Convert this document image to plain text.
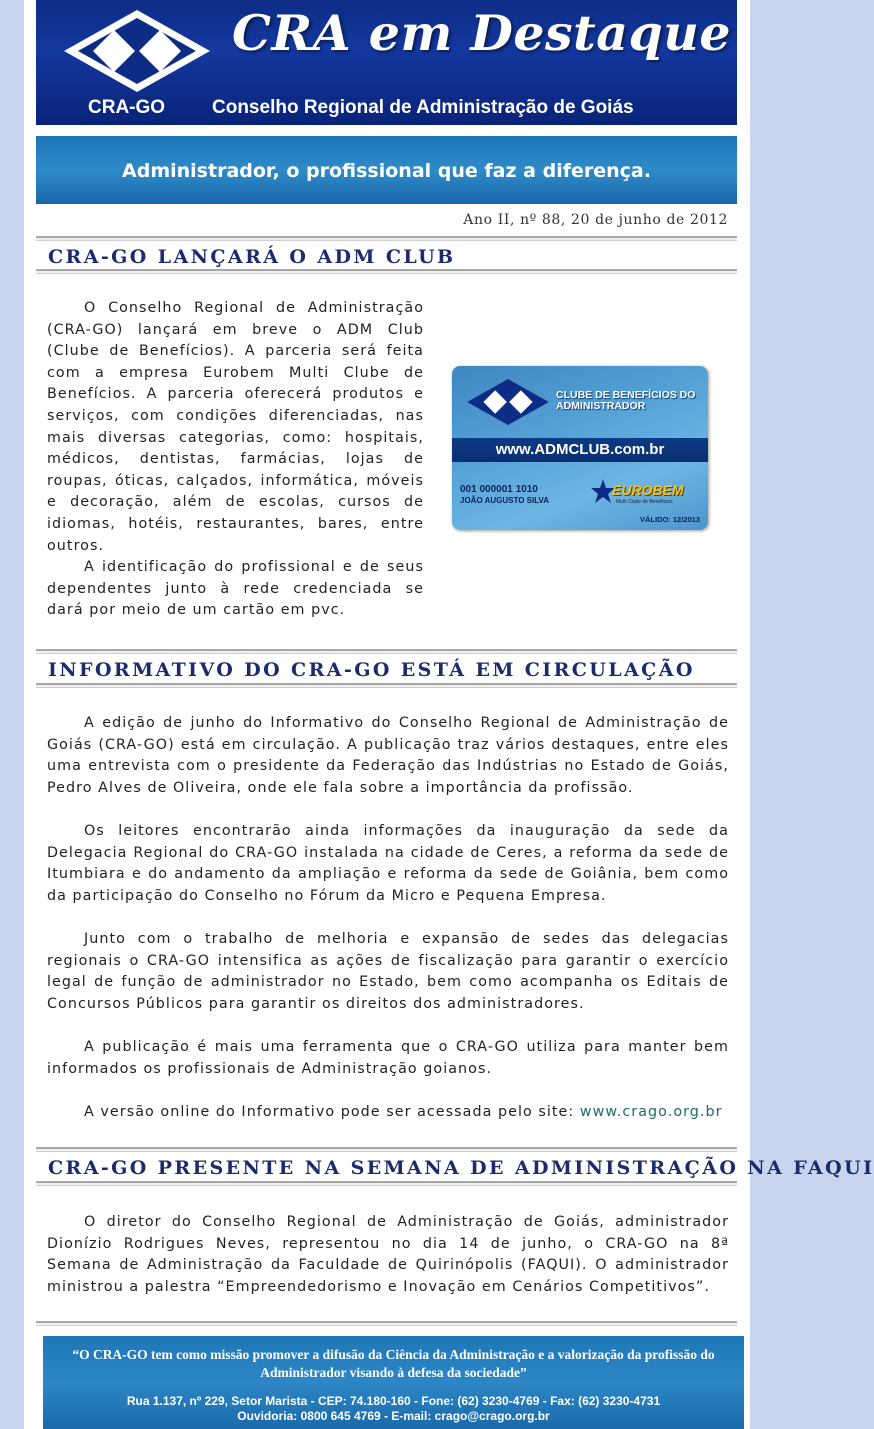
CRA em Destaque
CRA-GO Conselho Regional de Administração de Goiás
Administrador, o profissional que faz a diferença.
Ano II, nº 88, 20 de junho de 2012
CRA-GO LANÇARÁ O ADM CLUB
O Conselho Regional de Administração (CRA-GO) lançará em breve o ADM Club (Clube de Benefícios). A parceria será feita com a empresa Eurobem Multi Clube de Benefícios. A parceria oferecerá produtos e serviços, com condições diferenciadas, nas mais diversas categorias, como: hospitais, médicos, dentistas, farmácias, lojas de roupas, óticas, calçados, informática, móveis e decoração, além de escolas, cursos de idiomas, hotéis, restaurantes, bares, entre outros.
A identificação do profissional e de seus dependentes junto à rede credenciada se dará por meio de um cartão em pvc.
CLUBE DE BENEFÍCIOS DO ADMINISTRADOR
www.ADMCLUB.com.br
001 000001 1010
JOÃO AUGUSTO SILVA
EUROBEM
Multi Clube de Benefícios
VÁLIDO: 12/2013
INFORMATIVO DO CRA-GO ESTÁ EM CIRCULAÇÃO
A edição de junho do Informativo do Conselho Regional de Administração de Goiás (CRA-GO) está em circulação. A publicação traz vários destaques, entre eles uma entrevista com o presidente da Federação das Indústrias no Estado de Goiás, Pedro Alves de Oliveira, onde ele fala sobre a importância da profissão.
Os leitores encontrarão ainda informações da inauguração da sede da Delegacia Regional do CRA-GO instalada na cidade de Ceres, a reforma da sede de Itumbiara e do andamento da ampliação e reforma da sede de Goiânia, bem como da participação do Conselho no Fórum da Micro e Pequena Empresa.
Junto com o trabalho de melhoria e expansão de sedes das delegacias regionais o CRA-GO intensifica as ações de fiscalização para garantir o exercício legal de função de administrador no Estado, bem como acompanha os Editais de Concursos Públicos para garantir os direitos dos administradores.
A publicação é mais uma ferramenta que o CRA-GO utiliza para manter bem informados os profissionais de Administração goianos.
A versão online do Informativo pode ser acessada pelo site: www.crago.org.br
CRA-GO PRESENTE NA SEMANA DE ADMINISTRAÇÃO NA FAQUI
O diretor do Conselho Regional de Administração de Goiás, administrador Dionízio Rodrigues Neves, representou no dia 14 de junho, o CRA-GO na 8ª Semana de Administração da Faculdade de Quirinópolis (FAQUI). O administrador ministrou a palestra “Empreendedorismo e Inovação em Cenários Competitivos”.
“O CRA-GO tem como missão promover a difusão da Ciência da Administração e a valorização da profissão do Administrador visando à defesa da sociedade”
Rua 1.137, nº 229, Setor Marista - CEP: 74.180-160 - Fone: (62) 3230-4769 - Fax: (62) 3230-4731
Ouvidoria: 0800 645 4769 - E-mail: crago@crago.org.br
